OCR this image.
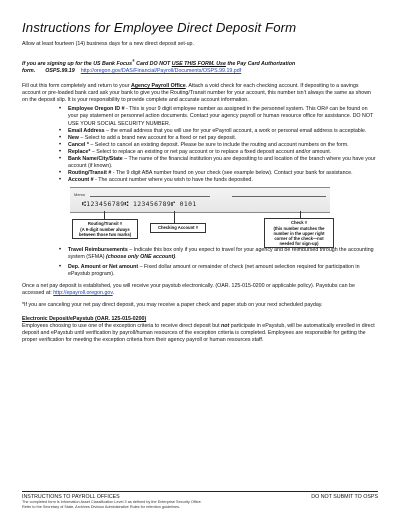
Instructions for Employee Direct Deposit Form

Allow at least fourteen (14) business days for a new direct deposit set-up.

If you are signing up for the US Bank Focus® Card DO NOT USE THIS FORM. Use the Pay Card Authorization
form. OSPS.99.19 http://oregon.gov/DAS/Financial/Payroll/Documents/OSPS.99.19.pdf

Fill out this form completely and return to your Agency Payroll Office. Attach a void check for each checking account. If depositing to a savings account or pre-loaded bank card ask your bank to give you the Routing/Transit number for your account, this number isn’t always the same as shown on the deposit slip. It is your responsibility to provide complete and accurate account information.

• Employee Oregon ID # - This is your 9 digit employee number as assigned in the personnel system. This OR# can be found on your pay statement or personnel action documents. Contact your agency payroll or human resource office for assistance. DO NOT USE YOUR SOCIAL SECURITY NUMBER.
• Email Address – the email address that you will use for your ePayroll account, a work or personal email address is acceptable.
• New – Select to add a brand new account for a fixed or net pay deposit.
• Cancel * – Select to cancel an existing deposit. Please be sure to include the routing and account numbers on the form.
• Replace* – Select to replace an existing or net pay account or to replace a fixed deposit account and/or amount.
• Bank Name/City/State – The name of the financial institution you are depositing to and location of the branch where you have your account (if known).
• Routing/Transit # - The 9 digit ABA number found on your check (see example below). Contact your bank for assistance.
• Account # - The account number where you wish to have the funds deposited.
Memo
⑆123456789⑆ 123456789⑈ 0101
Routing/Transit #
(A 9-digit number always between those two marks)
Checking Account #
Check #
(this number matches the number in the upper right corner of the check—not needed for sign-up)
• Travel Reimbursements – Indicate this box only if you expect to travel for your agency and be reimbursed through the accounting system (SFMA) (choose only ONE account).
• Dep. Amount or Net amount – Fixed dollar amount or remainder of check (net amount selection required for participation in ePaystub program).

Once a net pay deposit is established, you will receive your paystub electronically. (OAR. 125-015-0200 or applicable policy). Paystubs can be accessed at: http://epayroll.oregon.gov.

*If you are canceling your net pay direct deposit, you may receive a paper check and paper stub on your next scheduled payday.

Electronic Deposit/ePaystub (OAR. 125-015-0200)

Employees choosing to use one of the exception criteria to receive direct deposit but not participate in ePaystub, will be automatically enrolled in direct deposit and ePaystub until verification by payroll/human resources of the exception criteria is completed. Employees are responsible for getting the proper verification for meeting the exception criteria from their agency payroll or human resources staff.

INSTRUCTIONS TO PAYROLL OFFICES	DO NOT SUBMIT TO OSPS
The completed form is Information Asset Classification Level 3 as defined by the Enterprise Security Office.
Refer to the Secretary of State, Archives Division Administrative Rules for retention guidelines.
